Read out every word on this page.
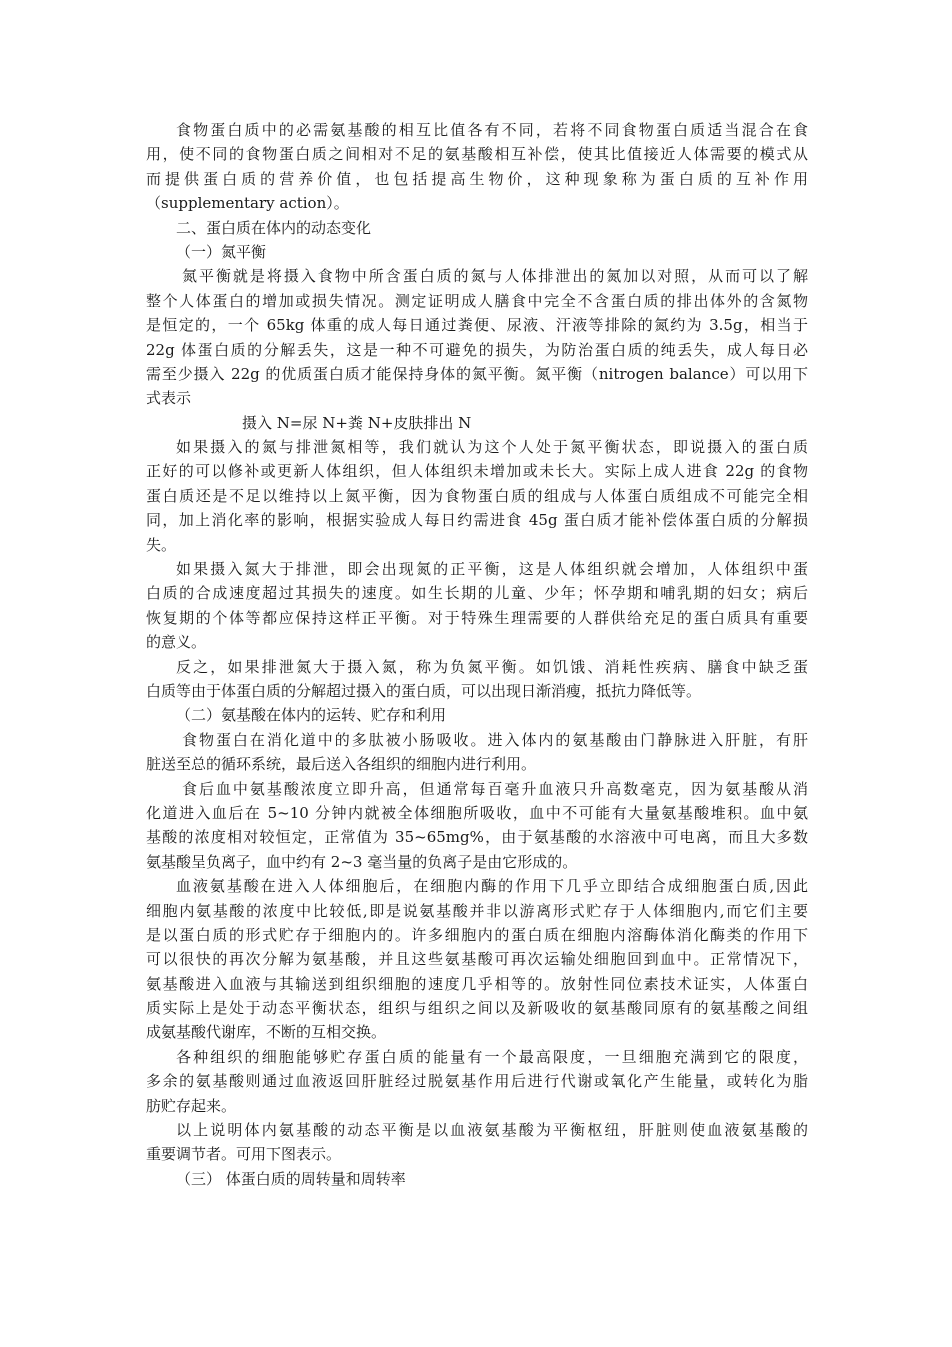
食物蛋白质中的必需氨基酸的相互比值各有不同，若将不同食物蛋白质适当混合在食
用，使不同的食物蛋白质之间相对不足的氨基酸相互补偿，使其比值接近人体需要的模式从
而提供蛋白质的营养价值，也包括提高生物价，这种现象称为蛋白质的互补作用
（supplementary action）。
二、蛋白质在体内的动态变化
（一）氮平衡
氮平衡就是将摄入食物中所含蛋白质的氮与人体排泄出的氮加以对照，从而可以了解
整个人体蛋白的增加或损失情况。测定证明成人膳食中完全不含蛋白质的排出体外的含氮物
是恒定的，一个 65kg 体重的成人每日通过粪便、尿液、汗液等排除的氮约为 3.5g，相当于
22g 体蛋白质的分解丢失，这是一种不可避免的损失，为防治蛋白质的纯丢失，成人每日必
需至少摄入 22g 的优质蛋白质才能保持身体的氮平衡。氮平衡（nitrogen balance）可以用下
式表示
摄入 N=尿 N+粪 N+皮肤排出 N
如果摄入的氮与排泄氮相等，我们就认为这个人处于氮平衡状态，即说摄入的蛋白质
正好的可以修补或更新人体组织，但人体组织未增加或未长大。实际上成人进食 22g 的食物
蛋白质还是不足以维持以上氮平衡，因为食物蛋白质的组成与人体蛋白质组成不可能完全相
同，加上消化率的影响，根据实验成人每日约需进食 45g 蛋白质才能补偿体蛋白质的分解损
失。
如果摄入氮大于排泄，即会出现氮的正平衡，这是人体组织就会增加，人体组织中蛋
白质的合成速度超过其损失的速度。如生长期的儿童、少年；怀孕期和哺乳期的妇女；病后
恢复期的个体等都应保持这样正平衡。对于特殊生理需要的人群供给充足的蛋白质具有重要
的意义。
反之，如果排泄氮大于摄入氮，称为负氮平衡。如饥饿、消耗性疾病、膳食中缺乏蛋
白质等由于体蛋白质的分解超过摄入的蛋白质，可以出现日渐消瘦，抵抗力降低等。
（二）氨基酸在体内的运转、贮存和利用
食物蛋白在消化道中的多肽被小肠吸收。进入体内的氨基酸由门静脉进入肝脏，有肝
脏送至总的循环系统，最后送入各组织的细胞内进行利用。
食后血中氨基酸浓度立即升高，但通常每百毫升血液只升高数毫克，因为氨基酸从消
化道进入血后在 5~10 分钟内就被全体细胞所吸收，血中不可能有大量氨基酸堆积。血中氨
基酸的浓度相对较恒定，正常值为 35~65mg%，由于氨基酸的水溶液中可电离，而且大多数
氨基酸呈负离子，血中约有 2~3 毫当量的负离子是由它形成的。
血液氨基酸在进入人体细胞后，在细胞内酶的作用下几乎立即结合成细胞蛋白质,因此
细胞内氨基酸的浓度中比较低,即是说氨基酸并非以游离形式贮存于人体细胞内,而它们主要
是以蛋白质的形式贮存于细胞内的。许多细胞内的蛋白质在细胞内溶酶体消化酶类的作用下
可以很快的再次分解为氨基酸，并且这些氨基酸可再次运输处细胞回到血中。正常情况下，
氨基酸进入血液与其输送到组织细胞的速度几乎相等的。放射性同位素技术证实，人体蛋白
质实际上是处于动态平衡状态，组织与组织之间以及新吸收的氨基酸同原有的氨基酸之间组
成氨基酸代谢库，不断的互相交换。
各种组织的细胞能够贮存蛋白质的能量有一个最高限度，一旦细胞充满到它的限度，
多余的氨基酸则通过血液返回肝脏经过脱氨基作用后进行代谢或氧化产生能量，或转化为脂
肪贮存起来。
以上说明体内氨基酸的动态平衡是以血液氨基酸为平衡枢纽，肝脏则使血液氨基酸的
重要调节者。可用下图表示。
（三） 体蛋白质的周转量和周转率
